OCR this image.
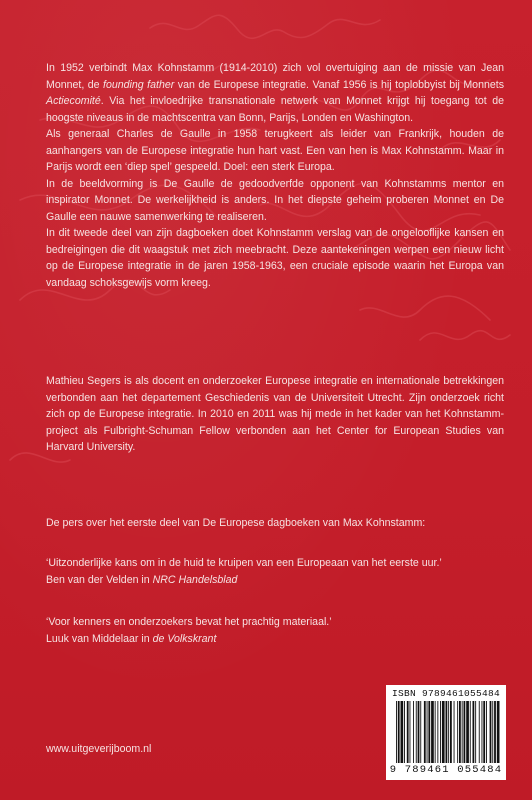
In 1952 verbindt Max Kohnstamm (1914-2010) zich vol overtuiging aan de missie van Jean Monnet, de founding father van de Europese integratie. Vanaf 1956 is hij toplobbyist bij Monnets Actiecomité. Via het invloedrijke transnationale netwerk van Monnet krijgt hij toegang tot de hoogste niveaus in de machtscentra van Bonn, Parijs, Londen en Washington.

Als generaal Charles de Gaulle in 1958 terugkeert als leider van Frankrijk, houden de aanhangers van de Europese integratie hun hart vast. Een van hen is Max Kohnstamm. Maar in Parijs wordt een ‘diep spel’ gespeeld. Doel: een sterk Europa.

In de beeldvorming is De Gaulle de gedoodverfde opponent van Kohnstamms mentor en inspirator Monnet. De werkelijkheid is anders. In het diepste geheim proberen Monnet en De Gaulle een nauwe samenwerking te realiseren.

In dit tweede deel van zijn dagboeken doet Kohnstamm verslag van de ongelooflijke kansen en bedreigingen die dit waagstuk met zich meebracht. Deze aantekeningen werpen een nieuw licht op de Europese integratie in de jaren 1958-1963, een cruciale episode waarin het Europa van vandaag schoksgewijs vorm kreeg.

Mathieu Segers is als docent en onderzoeker Europese integratie en internationale betrekkingen verbonden aan het departement Geschiedenis van de Universiteit Utrecht. Zijn onderzoek richt zich op de Europese integratie. In 2010 en 2011 was hij mede in het kader van het Kohnstamm-project als Fulbright-Schuman Fellow verbonden aan het Center for European Studies van Harvard University.

De pers over het eerste deel van De Europese dagboeken van Max Kohnstamm:
‘Uitzonderlijke kans om in de huid te kruipen van een Europeaan van het eerste uur.’
Ben van der Velden in NRC Handelsblad
‘Voor kenners en onderzoekers bevat het prachtig materiaal.’
Luuk van Middelaar in de Volkskrant
ISBN 9789461055484
9 789461 055484
www.uitgeverijboom.nl
